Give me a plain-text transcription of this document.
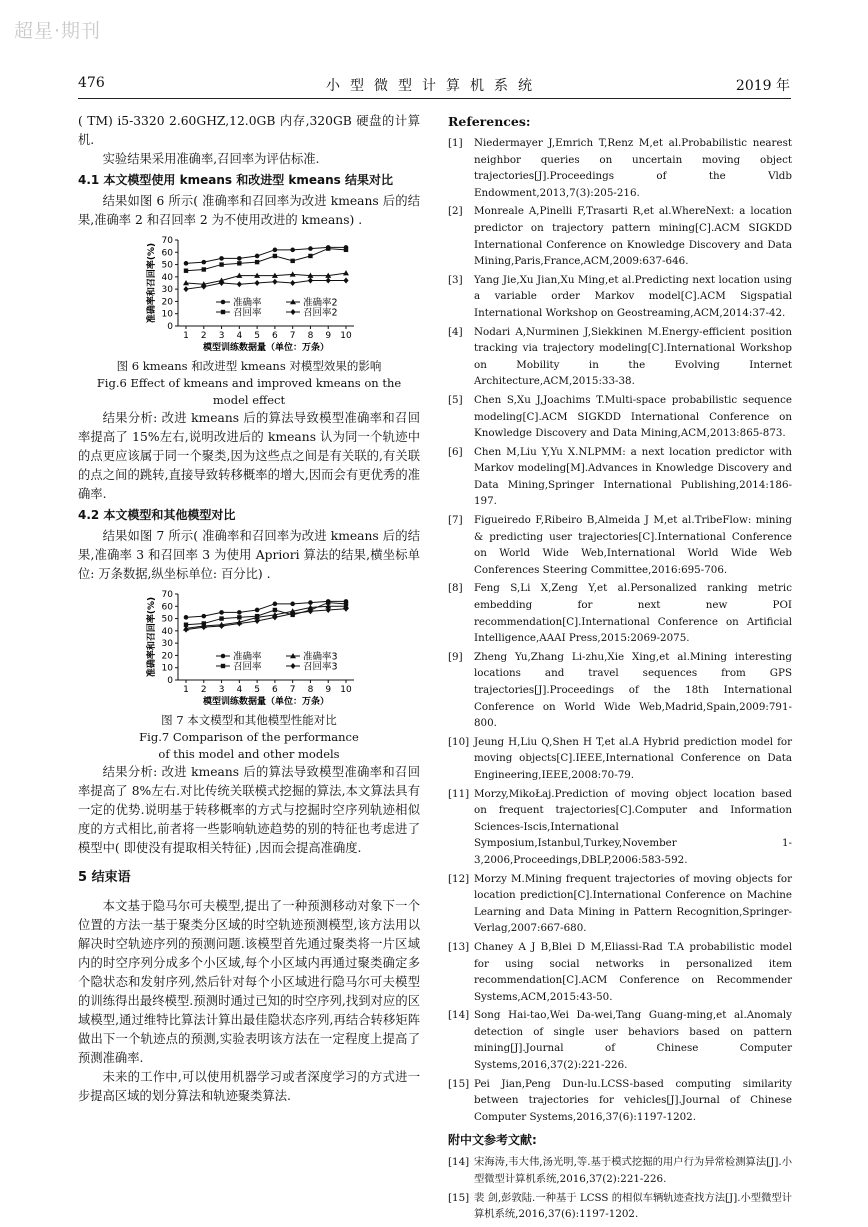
超星·期刊
476	小型微型计算机系统	2019 年

( TM) i5-3320 2.60GHZ,12.0GB 内存,320GB 硬盘的计算机.

实验结果采用准确率,召回率为评估标准.

4.1 本文模型使用 kmeans 和改进型 kmeans 结果对比

结果如图 6 所示( 准确率和召回率为改进 kmeans 后的结果,准确率 2 和召回率 2 为不使用改进的 kmeans) .

0
10
20
30
40
50
60
70
1 2 3 4 5 6 7 8 9 10
模型训练数据量（单位：万条）
准确率和召回率(%)	准确率
召回率
准确率2
召回率2

图 6 kmeans 和改进型 kmeans 对模型效果的影响

Fig.6 Effect of kmeans and improved kmeans on the model effect

结果分析: 改进 kmeans 后的算法导致模型准确率和召回率提高了 15%左右,说明改进后的 kmeans 认为同一个轨迹中的点更应该属于同一个聚类,因为这些点之间是有关联的,有关联的点之间的跳转,直接导致转移概率的增大,因而会有更优秀的准确率.

4.2 本文模型和其他模型对比

结果如图 7 所示( 准确率和召回率为改进 kmeans 后的结果,准确率 3 和召回率 3 为使用 Apriori 算法的结果,横坐标单位: 万条数据,纵坐标单位: 百分比) .

0
10
20
30
40
50
60
70
1 2 3 4 5 6 7 8 9 10
模型训练数据量（单位：万条）
准确率和召回率(%)	准确率
召回率
准确率3
召回率3

图 7 本文模型和其他模型性能对比

Fig.7 Comparison of the performance

of this model and other models

结果分析: 改进 kmeans 后的算法导致模型准确率和召回率提高了 8%左右.对比传统关联模式挖掘的算法,本文算法具有一定的优势.说明基于转移概率的方式与挖掘时空序列轨迹相似度的方式相比,前者将一些影响轨迹趋势的别的特征也考虑进了模型中( 即使没有提取相关特征) ,因而会提高准确度.

5 结束语

本文基于隐马尔可夫模型,提出了一种预测移动对象下一个位置的方法一基于聚类分区域的时空轨迹预测模型,该方法用以解决时空轨迹序列的预测问题.该模型首先通过聚类将一片区域内的时空序列分成多个小区域,每个小区域内再通过聚类确定多个隐状态和发射序列,然后针对每个小区域进行隐马尔可夫模型的训练得出最终模型.预测时通过已知的时空序列,找到对应的区域模型,通过维特比算法计算出最佳隐状态序列,再结合转移矩阵做出下一个轨迹点的预测,实验表明该方法在一定程度上提高了预测准确率.

未来的工作中,可以使用机器学习或者深度学习的方式进一步提高区域的划分算法和轨迹聚类算法.

References:
[1] Niedermayer J,Emrich T,Renz M,et al.Probabilistic nearest neighbor queries on uncertain moving object trajectories[J].Proceedings of the Vldb Endowment,2013,7(3):205-216.
[2] Monreale A,Pinelli F,Trasarti R,et al.WhereNext: a location predictor on trajectory pattern mining[C].ACM SIGKDD International Conference on Knowledge Discovery and Data Mining,Paris,France,ACM,2009:637-646.
[3] Yang Jie,Xu Jian,Xu Ming,et al.Predicting next location using a variable order Markov model[C].ACM Sigspatial International Workshop on Geostreaming,ACM,2014:37-42.
[4] Nodari A,Nurminen J,Siekkinen M.Energy-efficient position tracking via trajectory modeling[C].International Workshop on Mobility in the Evolving Internet Architecture,ACM,2015:33-38.
[5] Chen S,Xu J,Joachims T.Multi-space probabilistic sequence modeling[C].ACM SIGKDD International Conference on Knowledge Discovery and Data Mining,ACM,2013:865-873.
[6] Chen M,Liu Y,Yu X.NLPMM: a next location predictor with Markov modeling[M].Advances in Knowledge Discovery and Data Mining,Springer International Publishing,2014:186-197.
[7] Figueiredo F,Ribeiro B,Almeida J M,et al.TribeFlow: mining & predicting user trajectories[C].International Conference on World Wide Web,International World Wide Web Conferences Steering Committee,2016:695-706.
[8] Feng S,Li X,Zeng Y,et al.Personalized ranking metric embedding for next new POI recommendation[C].International Conference on Artificial Intelligence,AAAI Press,2015:2069-2075.
[9] Zheng Yu,Zhang Li-zhu,Xie Xing,et al.Mining interesting locations and travel sequences from GPS trajectories[J].Proceedings of the 18th International Conference on World Wide Web,Madrid,Spain,2009:791-800.
[10] Jeung H,Liu Q,Shen H T,et al.A Hybrid prediction model for moving objects[C].IEEE,International Conference on Data Engineering,IEEE,2008:70-79.
[11] Morzy,MikoŁaj.Prediction of moving object location based on frequent trajectories[C].Computer and Information Sciences-Iscis,International Symposium,Istanbul,Turkey,November 1-3,2006,Proceedings,DBLP,2006:583-592.
[12] Morzy M.Mining frequent trajectories of moving objects for location prediction[C].International Conference on Machine Learning and Data Mining in Pattern Recognition,Springer-Verlag,2007:667-680.
[13] Chaney A J B,Blei D M,Eliassi-Rad T.A probabilistic model for using social networks in personalized item recommendation[C].ACM Conference on Recommender Systems,ACM,2015:43-50.
[14] Song Hai-tao,Wei Da-wei,Tang Guang-ming,et al.Anomaly detection of single user behaviors based on pattern mining[J].Journal of Chinese Computer Systems,2016,37(2):221-226.
[15] Pei Jian,Peng Dun-lu.LCSS-based computing similarity between trajectories for vehicles[J].Journal of Chinese Computer Systems,2016,37(6):1197-1202.
附中文参考文献:
[14] 宋海涛,韦大伟,汤光明,等.基于模式挖掘的用户行为异常检测算法[J].小型微型计算机系统,2016,37(2):221-226.
[15] 裴 剑,彭敦陆.一种基于 LCSS 的相似车辆轨迹查找方法[J].小型微型计算机系统,2016,37(6):1197-1202.
